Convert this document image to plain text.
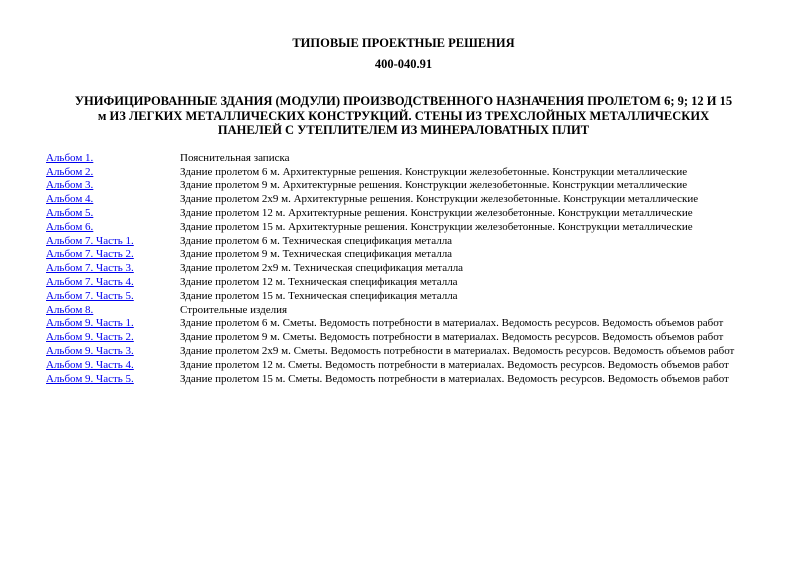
ТИПОВЫЕ ПРОЕКТНЫЕ РЕШЕНИЯ
400-040.91
УНИФИЦИРОВАННЫЕ ЗДАНИЯ (МОДУЛИ) ПРОИЗВОДСТВЕННОГО НАЗНАЧЕНИЯ ПРОЛЕТОМ 6; 9; 12 И 15 м ИЗ ЛЕГКИХ МЕТАЛЛИЧЕСКИХ КОНСТРУКЦИЙ. СТЕНЫ ИЗ ТРЕХСЛОЙНЫХ МЕТАЛЛИЧЕСКИХ ПАНЕЛЕЙ С УТЕПЛИТЕЛЕМ ИЗ МИНЕРАЛОВАТНЫХ ПЛИТ
Альбом 1.	Пояснительная записка
Альбом 2.	Здание пролетом 6 м. Архитектурные решения. Конструкции железобетонные. Конструкции металлические
Альбом 3.	Здание пролетом 9 м. Архитектурные решения. Конструкции железобетонные. Конструкции металлические
Альбом 4.	Здание пролетом 2х9 м. Архитектурные решения. Конструкции железобетонные. Конструкции металлические
Альбом 5.	Здание пролетом 12 м. Архитектурные решения. Конструкции железобетонные. Конструкции металлические
Альбом 6.	Здание пролетом 15 м. Архитектурные решения. Конструкции железобетонные. Конструкции металлические
Альбом 7. Часть 1.	Здание пролетом 6 м. Техническая спецификация металла
Альбом 7. Часть 2.	Здание пролетом 9 м. Техническая спецификация металла
Альбом 7. Часть 3.	Здание пролетом 2х9 м. Техническая спецификация металла
Альбом 7. Часть 4.	Здание пролетом 12 м. Техническая спецификация металла
Альбом 7. Часть 5.	Здание пролетом 15 м. Техническая спецификация металла
Альбом 8.	Строительные изделия
Альбом 9. Часть 1.	Здание пролетом 6 м. Сметы. Ведомость потребности в материалах. Ведомость ресурсов. Ведомость объемов работ
Альбом 9. Часть 2.	Здание пролетом 9 м. Сметы. Ведомость потребности в материалах. Ведомость ресурсов. Ведомость объемов работ
Альбом 9. Часть 3.	Здание пролетом 2х9 м. Сметы. Ведомость потребности в материалах. Ведомость ресурсов. Ведомость объемов работ
Альбом 9. Часть 4.	Здание пролетом 12 м. Сметы. Ведомость потребности в материалах. Ведомость ресурсов. Ведомость объемов работ
Альбом 9. Часть 5.	Здание пролетом 15 м. Сметы. Ведомость потребности в материалах. Ведомость ресурсов. Ведомость объемов работ
